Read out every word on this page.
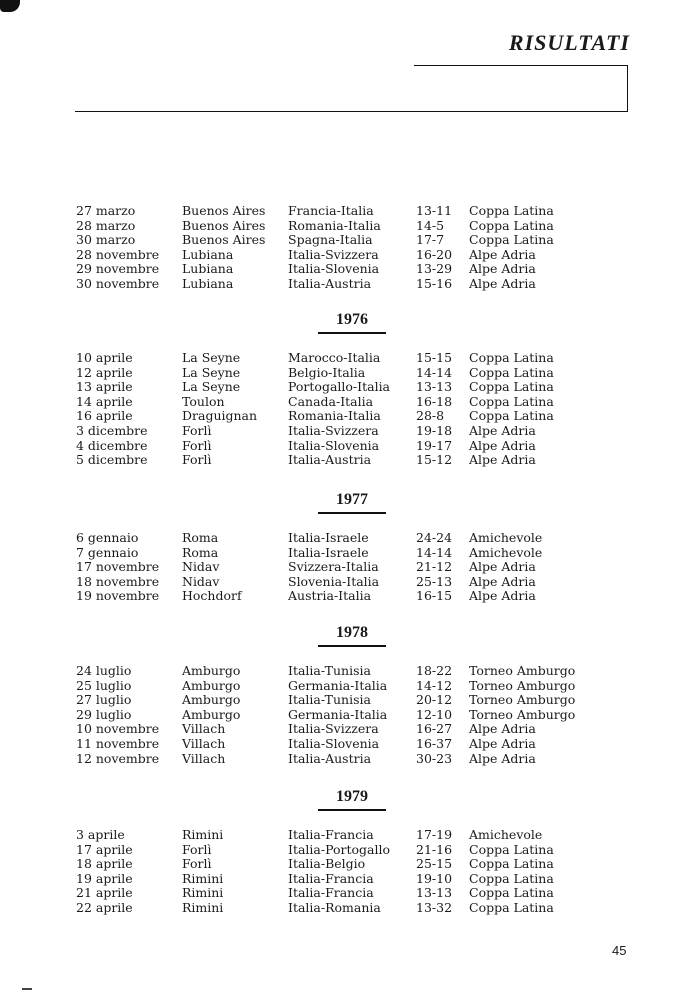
RISULTATI
27 marzo	Buenos Aires Francia-Italia	13-11 Coppa Latina
28 marzo	Buenos Aires Romania-Italia	14-5 Coppa Latina
30 marzo	Buenos Aires Spagna-Italia	17-7 Coppa Latina
28 novembre Lubiana	Italia-Svizzera	16-20 Alpe Adria
29 novembre Lubiana	Italia-Slovenia	13-29 Alpe Adria
30 novembre Lubiana	Italia-Austria	15-16 Alpe Adria
1976
10 aprile	La Seyne	Marocco-Italia	15-15 Coppa Latina
12 aprile	La Seyne	Belgio-Italia	14-14 Coppa Latina
13 aprile	La Seyne	Portogallo-Italia 13-13 Coppa Latina
14 aprile	Toulon	Canada-Italia	16-18 Coppa Latina
16 aprile	Draguignan Romania-Italia	28-8 Coppa Latina
3 dicembre	Forlì	Italia-Svizzera	19-18 Alpe Adria
4 dicembre	Forlì	Italia-Slovenia	19-17 Alpe Adria
5 dicembre	Forlì	Italia-Austria	15-12 Alpe Adria
1977
6 gennaio	Roma	Italia-Israele	24-24 Amichevole
7 gennaio	Roma	Italia-Israele	14-14 Amichevole
17 novembre Nidav	Svizzera-Italia	21-12 Alpe Adria
18 novembre Nidav	Slovenia-Italia	25-13 Alpe Adria
19 novembre Hochdorf	Austria-Italia	16-15 Alpe Adria
1978
24 luglio	Amburgo	Italia-Tunisia	18-22 Torneo Amburgo
25 luglio	Amburgo	Germania-Italia 14-12 Torneo Amburgo
27 luglio	Amburgo	Italia-Tunisia	20-12 Torneo Amburgo
29 luglio	Amburgo	Germania-Italia 12-10 Torneo Amburgo
10 novembre Villach	Italia-Svizzera	16-27 Alpe Adria
11 novembre Villach	Italia-Slovenia	16-37 Alpe Adria
12 novembre Villach	Italia-Austria	30-23 Alpe Adria
1979
3 aprile	Rimini	Italia-Francia	17-19 Amichevole
17 aprile	Forlì	Italia-Portogallo 21-16 Coppa Latina
18 aprile	Forlì	Italia-Belgio	25-15 Coppa Latina
19 aprile	Rimini	Italia-Francia	19-10 Coppa Latina
21 aprile	Rimini	Italia-Francia	13-13 Coppa Latina
22 aprile	Rimini	Italia-Romania	13-32 Coppa Latina
45
